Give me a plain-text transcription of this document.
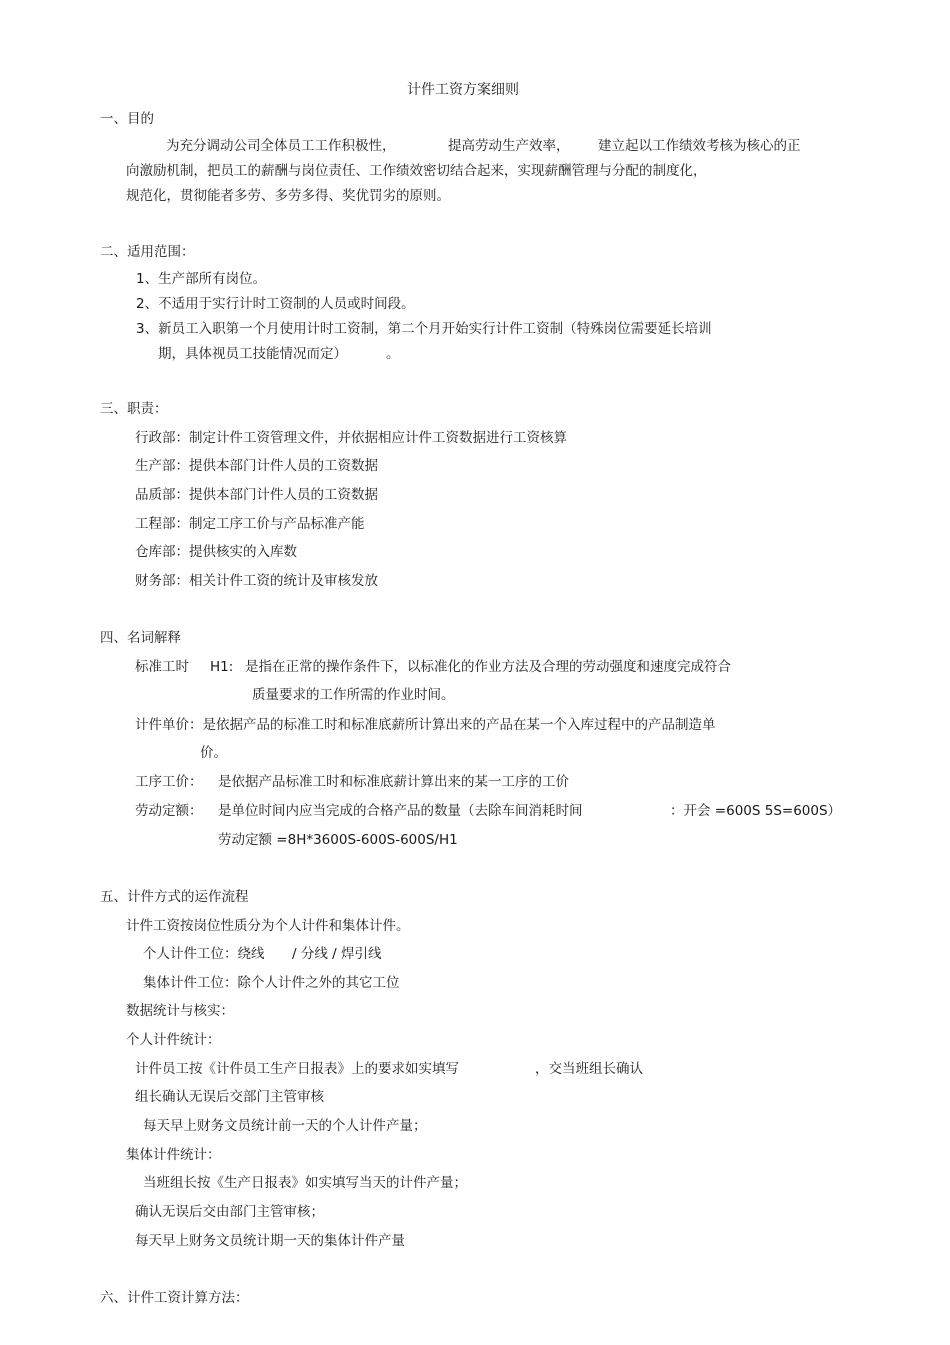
计件工资方案细则
一、目的
为充分调动公司全体员工工作积极性，	提高劳动生产效率， 建立起以工作绩效考核为核心的正
向激励机制，把员工的薪酬与岗位责任、工作绩效密切结合起来，实现薪酬管理与分配的制度化，
规范化，贯彻能者多劳、多劳多得、奖优罚劣的原则。
二、适用范围：
1、生产部所有岗位。
2、不适用于实行计时工资制的人员或时间段。
3、新员工入职第一个月使用计时工资制，第二个月开始实行计件工资制（特殊岗位需要延长培训
期，具体视员工技能情况而定）	。
三、职责：
行政部：制定计件工资管理文件，并依据相应计件工资数据进行工资核算
生产部：提供本部门计件人员的工资数据
品质部：提供本部门计件人员的工资数据
工程部：制定工序工价与产品标准产能
仓库部：提供核实的入库数
财务部：相关计件工资的统计及审核发放
四、名词解释
标准工时 H1: 是指在正常的操作条件下，以标准化的作业方法及合理的劳动强度和速度完成符合
质量要求的工作所需的作业时间。
计件单价：是依据产品的标准工时和标准底薪所计算出来的产品在某一个入库过程中的产品制造单
价。
工序工价： 是依据产品标准工时和标准底薪计算出来的某一工序的工价
劳动定额： 是单位时间内应当完成的合格产品的数量（去除车间消耗时间	：开会 =600S 5S=600S）
劳动定额 =8H*3600S-600S-600S/H1
五、计件方式的运作流程
计件工资按岗位性质分为个人计件和集体计件。
个人计件工位：绕线 / 分线 / 焊引线
集体计件工位：除个人计件之外的其它工位
数据统计与核实：
个人计件统计：
计件员工按《计件员工生产日报表》上的要求如实填写	，交当班组长确认
组长确认无误后交部门主管审核
每天早上财务文员统计前一天的个人计件产量；
集体计件统计：
当班组长按《生产日报表》如实填写当天的计件产量；
确认无误后交由部门主管审核；
每天早上财务文员统计期一天的集体计件产量
六、计件工资计算方法：
